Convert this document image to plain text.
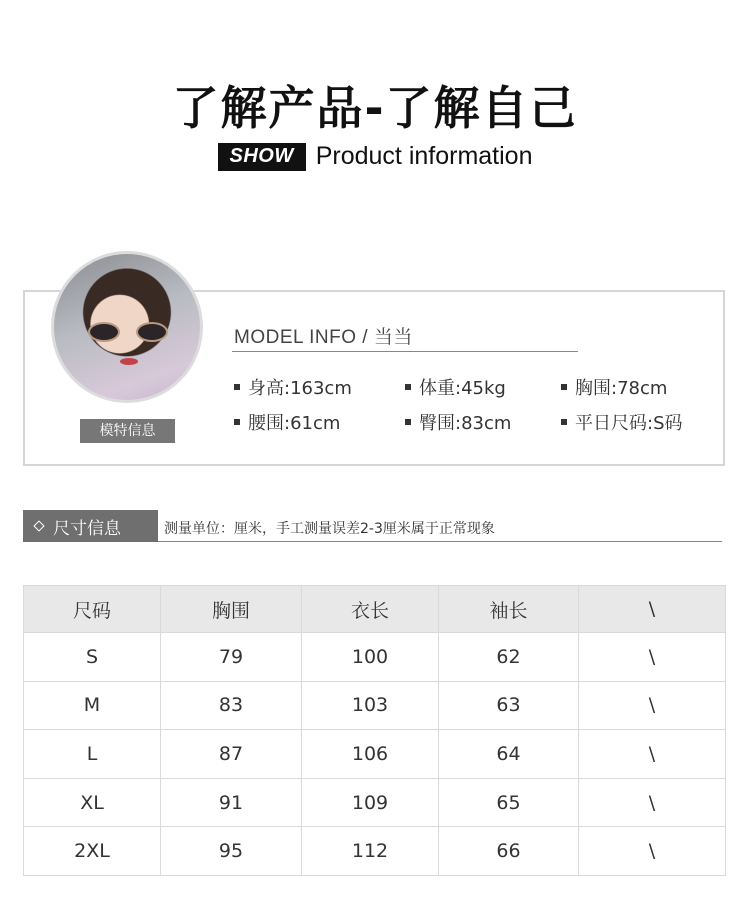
了解产品-了解自己
SHOW Product information
模特信息
MODEL INFO / 当当
身高:163cm	体重:45kg	胸围:78cm
腰围:61cm	臀围:83cm	平日尺码:S码
尺寸信息	测量单位：厘米，手工测量误差2-3厘米属于正常现象
尺码	胸围	衣长	袖长	\
S	79	100	62	\
M	83	103	63	\
L	87	106	64	\
XL	91	109	65	\
2XL	95	112	66	\
